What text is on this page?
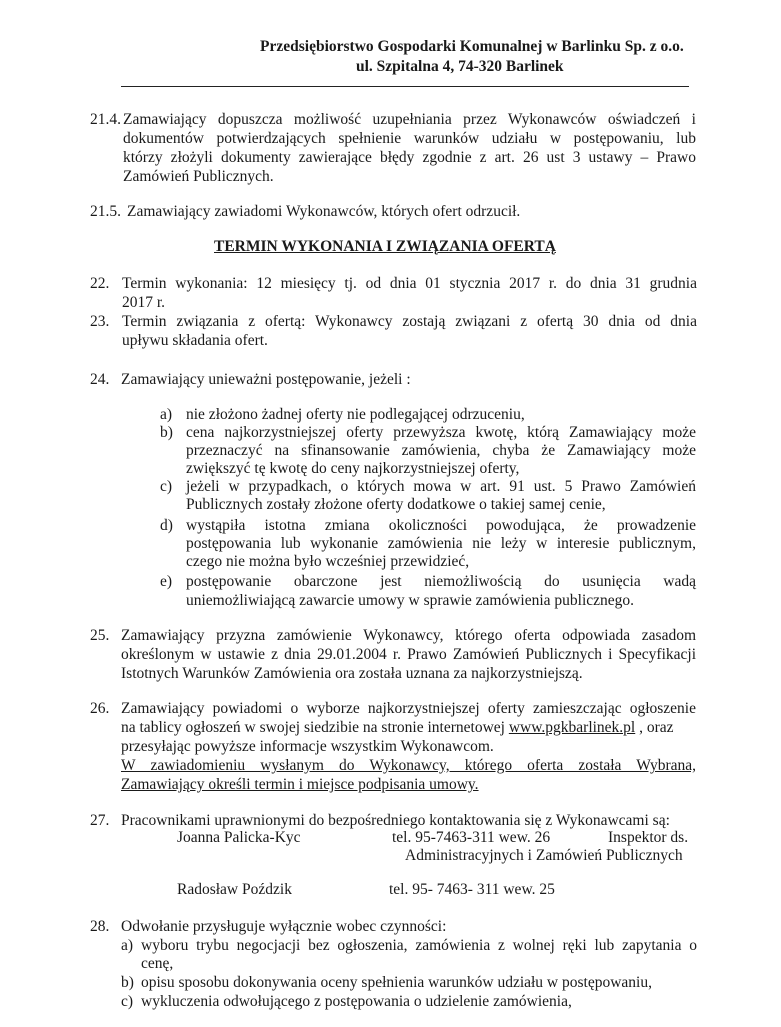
Przedsiębiorstwo Gospodarki Komunalnej w Barlinku Sp. z o.o.
ul. Szpitalna 4, 74-320 Barlinek
21.4. Zamawiający dopuszcza możliwość uzupełniania przez Wykonawców oświadczeń i
dokumentów potwierdzających spełnienie warunków udziału w postępowaniu, lub
którzy złożyli dokumenty zawierające błędy zgodnie z art. 26 ust 3 ustawy – Prawo
Zamówień Publicznych.
21.5. Zamawiający zawiadomi Wykonawców, których ofert odrzucił.
TERMIN WYKONANIA I ZWIĄZANIA OFERTĄ
22. Termin wykonania: 12 miesięcy tj. od dnia 01 stycznia 2017 r. do dnia 31 grudnia
2017 r.
23. Termin związania z ofertą: Wykonawcy zostają związani z ofertą 30 dnia od dnia
upływu składania ofert.
24. Zamawiający unieważni postępowanie, jeżeli :
a) nie złożono żadnej oferty nie podlegającej odrzuceniu,
b) cena najkorzystniejszej oferty przewyższa kwotę, którą Zamawiający może
przeznaczyć na sfinansowanie zamówienia, chyba że Zamawiający może
zwiększyć tę kwotę do ceny najkorzystniejszej oferty,
c) jeżeli w przypadkach, o których mowa w art. 91 ust. 5 Prawo Zamówień
Publicznych zostały złożone oferty dodatkowe o takiej samej cenie,
d) wystąpiła istotna zmiana okoliczności powodująca, że prowadzenie
postępowania lub wykonanie zamówienia nie leży w interesie publicznym,
czego nie można było wcześniej przewidzieć,
e) postępowanie obarczone jest niemożliwością do usunięcia wadą
uniemożliwiającą zawarcie umowy w sprawie zamówienia publicznego.
25. Zamawiający przyzna zamówienie Wykonawcy, którego oferta odpowiada zasadom
określonym w ustawie z dnia 29.01.2004 r. Prawo Zamówień Publicznych i Specyfikacji
Istotnych Warunków Zamówienia ora została uznana za najkorzystniejszą.
26. Zamawiający powiadomi o wyborze najkorzystniejszej oferty zamieszczając ogłoszenie
na tablicy ogłoszeń w swojej siedzibie na stronie internetowej www.pgkbarlinek.pl , oraz
przesyłając powyższe informacje wszystkim Wykonawcom.
W zawiadomieniu wysłanym do Wykonawcy, którego oferta została Wybrana,
Zamawiający określi termin i miejsce podpisania umowy.
27. Pracownikami uprawnionymi do bezpośredniego kontaktowania się z Wykonawcami są:
Joanna Palicka-Kyc	tel. 95-7463-311 wew. 26	Inspektor ds.
Administracyjnych i Zamówień Publicznych
Radosław Poździk	tel. 95- 7463- 311 wew. 25
28. Odwołanie przysługuje wyłącznie wobec czynności:
a) wyboru trybu negocjacji bez ogłoszenia, zamówienia z wolnej ręki lub zapytania o
cenę,
b) opisu sposobu dokonywania oceny spełnienia warunków udziału w postępowaniu,
c) wykluczenia odwołującego z postępowania o udzielenie zamówienia,
